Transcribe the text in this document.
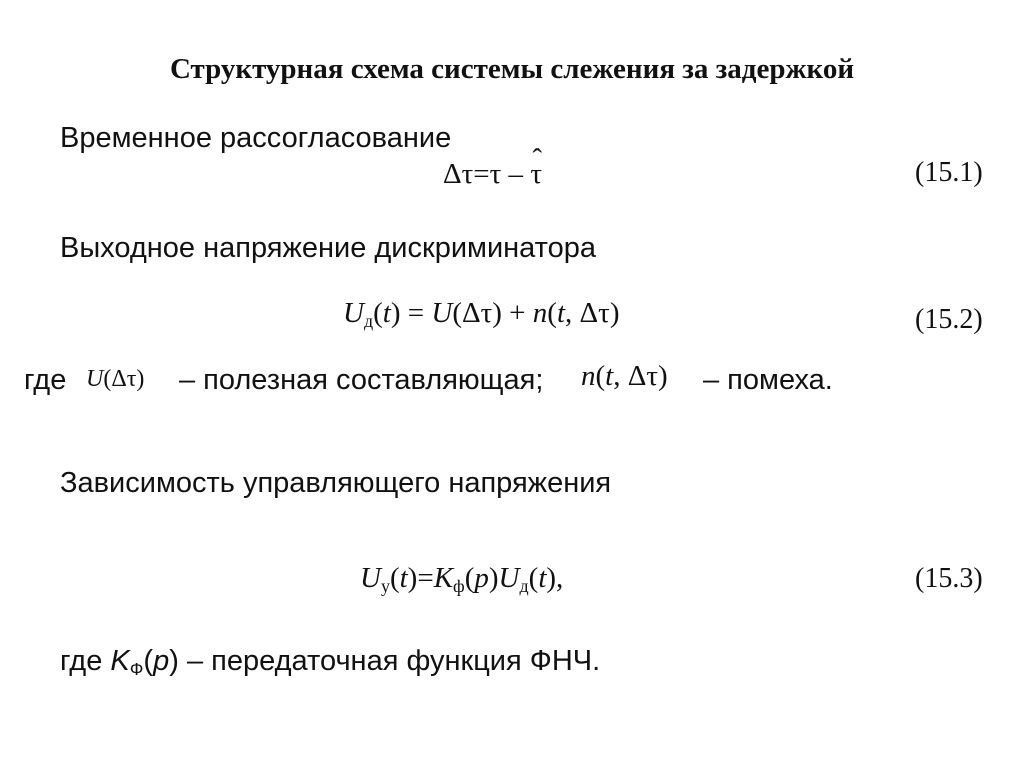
Структурная схема системы слежения за задержкой
Временное рассогласование
Δτ=τ – τ ˆ	(15.1)
Выходное напряжение дискриминатора
$U_д(t) = U(\Delta\tau) + n(t$, Δτ)	(15.2)
где U(Δτ) – полезная составляющая; n(t, Δτ) – помеха.
Зависимость управляющего напряжения
$U_у(t)=K_ф(p)U_д(t)$,	(15.3)
где $K_Ф(p)$ – передаточная функция ФНЧ.
